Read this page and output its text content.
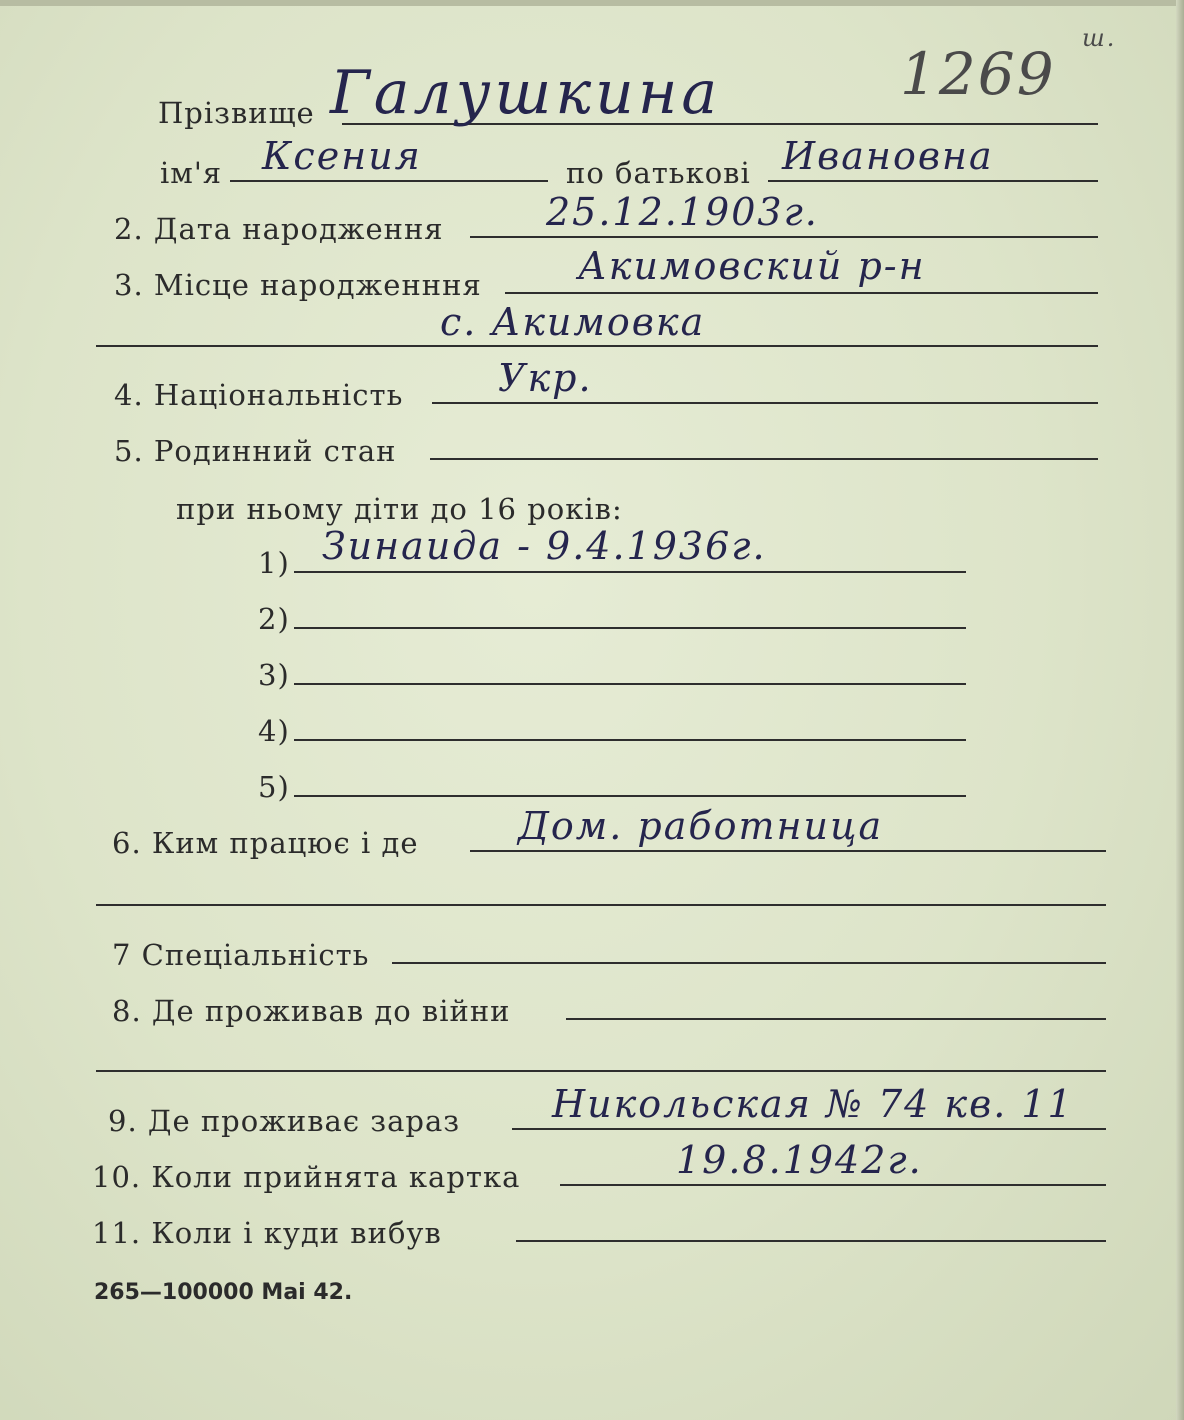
1269

ш.

Прізвище Галушкина

ім'я Ксения	по батькові Ивановна

2. Дата народження	25.12.1903г.

3. Місце народженння	Акимовский р-н

с. Акимовка

4. Національність Укр.

5. Родинний стан

при ньому діти до 16 років:

1) Зинаида - 9.4.1936г.

2)

3)

4)

5)

6. Ким працює і де	Дом. работница

7 Спеціальність

8. Де проживав до війни

9. Де проживає зараз Никольская № 74 кв. 11

10. Коли прийнята картка	19.8.1942г.

11. Коли і куди вибув

265—100000 Mai 42.
